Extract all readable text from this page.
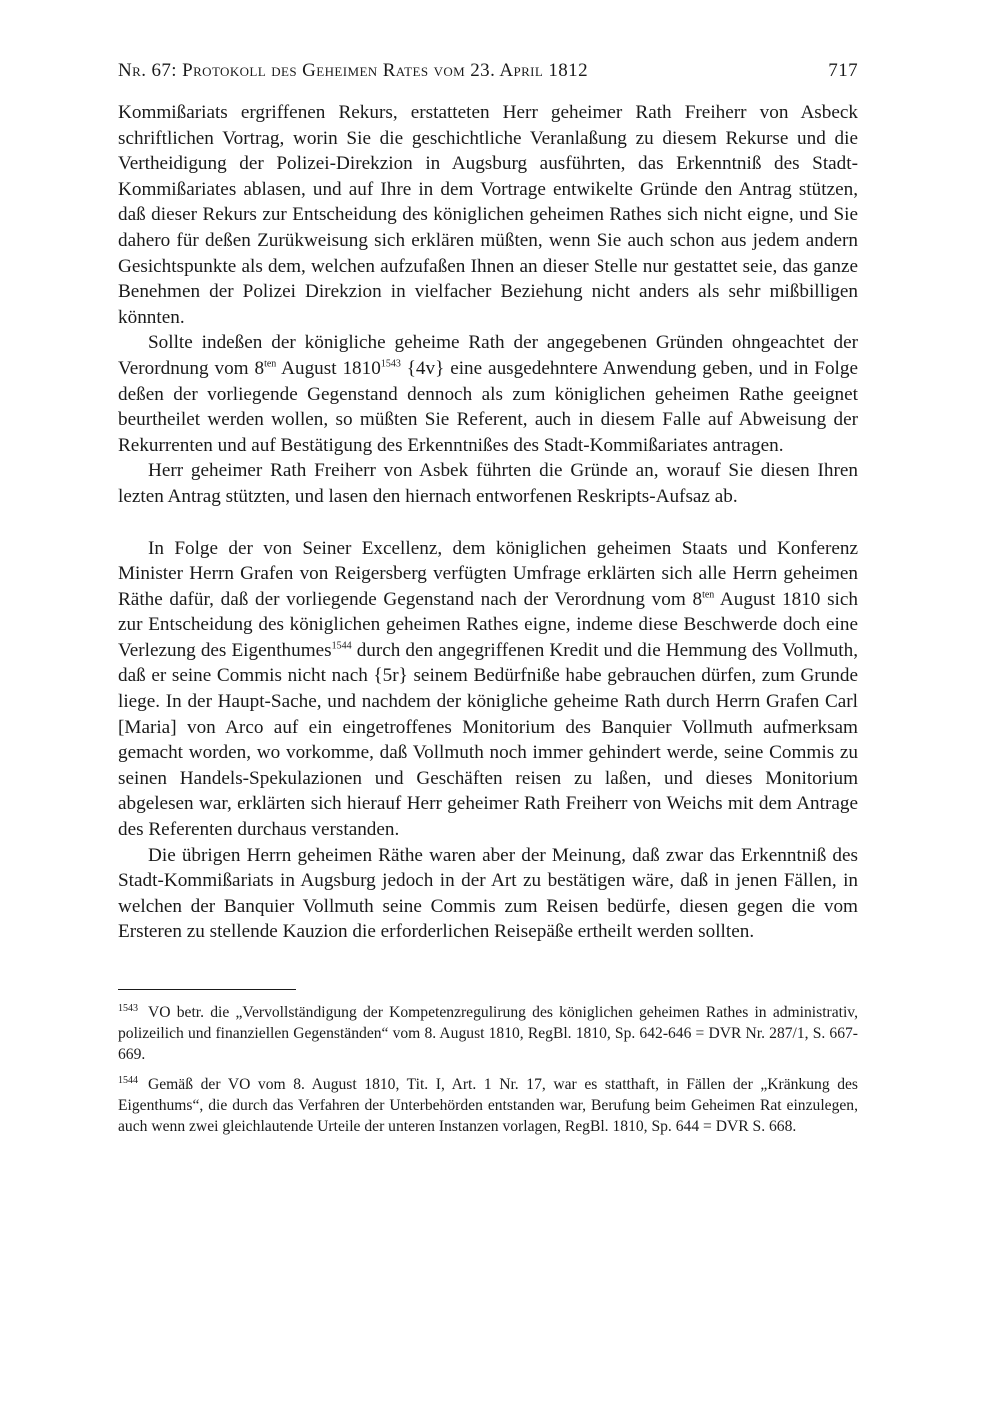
Nr. 67: Protokoll des Geheimen Rates vom 23. April 1812	717

Kommißariats ergriffenen Rekurs, erstatteten Herr geheimer Rath Freiherr von Asbeck schriftlichen Vortrag, worin Sie die geschichtliche Veranlaßung zu diesem Rekurse und die Vertheidigung der Polizei-Direkzion in Augsburg ausführten, das Erkenntniß des Stadt-Kommißariates ablasen, und auf Ihre in dem Vortrage entwikelte Gründe den Antrag stützen, daß dieser Rekurs zur Entscheidung des königlichen geheimen Rathes sich nicht eigne, und Sie dahero für deßen Zurükweisung sich erklären müßten, wenn Sie auch schon aus jedem andern Gesichtspunkte als dem, welchen aufzufaßen Ihnen an dieser Stelle nur gestattet seie, das ganze Benehmen der Polizei Direkzion in vielfacher Beziehung nicht anders als sehr mißbilligen könnten.

Sollte indeßen der königliche geheime Rath der angegebenen Gründen ohngeachtet der Verordnung vom $8^{ten}$ August $1810^{1543}$ {4v} eine ausgedehntere Anwendung geben, und in Folge deßen der vorliegende Gegenstand dennoch als zum königlichen geheimen Rathe geeignet beurtheilet werden wollen, so müßten Sie Referent, auch in diesem Falle auf Abweisung der Rekurrenten und auf Bestätigung des Erkenntnißes des Stadt-Kommißariates antragen.

Herr geheimer Rath Freiherr von Asbek führten die Gründe an, worauf Sie diesen Ihren lezten Antrag stützten, und lasen den hiernach entworfenen Reskripts-Aufsaz ab.

In Folge der von Seiner Excellenz, dem königlichen geheimen Staats und Konferenz Minister Herrn Grafen von Reigersberg verfügten Umfrage erklärten sich alle Herrn geheimen Räthe dafür, daß der vorliegende Gegenstand nach der Verordnung vom $8^{ten}$ August 1810 sich zur Entscheidung des königlichen geheimen Rathes eigne, indeme diese Beschwerde doch eine Verlezung des Eigenthumes$^{1544}$ durch den angegriffenen Kredit und die Hemmung des Vollmuth, daß er seine Commis nicht nach {5r} seinem Bedürfniße habe gebrauchen dürfen, zum Grunde liege. In der Haupt-Sache, und nachdem der königliche geheime Rath durch Herrn Grafen Carl [Maria] von Arco auf ein eingetroffenes Monitorium des Banquier Vollmuth aufmerksam gemacht worden, wo vorkomme, daß Vollmuth noch immer gehindert werde, seine Commis zu seinen Handels-Spekulazionen und Geschäften reisen zu laßen, und dieses Monitorium abgelesen war, erklärten sich hierauf Herr geheimer Rath Freiherr von Weichs mit dem Antrage des Referenten durchaus verstanden.

Die übrigen Herrn geheimen Räthe waren aber der Meinung, daß zwar das Erkenntniß des Stadt-Kommißariats in Augsburg jedoch in der Art zu bestätigen wäre, daß in jenen Fällen, in welchen der Banquier Vollmuth seine Commis zum Reisen bedürfe, diesen gegen die vom Ersteren zu stellende Kauzion die erforderlichen Reisepäße ertheilt werden sollten.

$^{1543}$ VO betr. die „Vervollständigung der Kompetenzregulirung des königlichen geheimen Rathes in administrativ, polizeilich und finanziellen Gegenständen“ vom 8. August 1810, RegBl. 1810, Sp. 642-646 = DVR Nr. 287/1, S. 667-669.

$^{1544}$ Gemäß der VO vom 8. August 1810, Tit. I, Art. 1 Nr. 17, war es statthaft, in Fällen der „Kränkung des Eigenthums“, die durch das Verfahren der Unterbehörden entstanden war, Berufung beim Geheimen Rat einzulegen, auch wenn zwei gleichlautende Urteile der unteren Instanzen vorlagen, RegBl. 1810, Sp. 644 = DVR S. 668.
